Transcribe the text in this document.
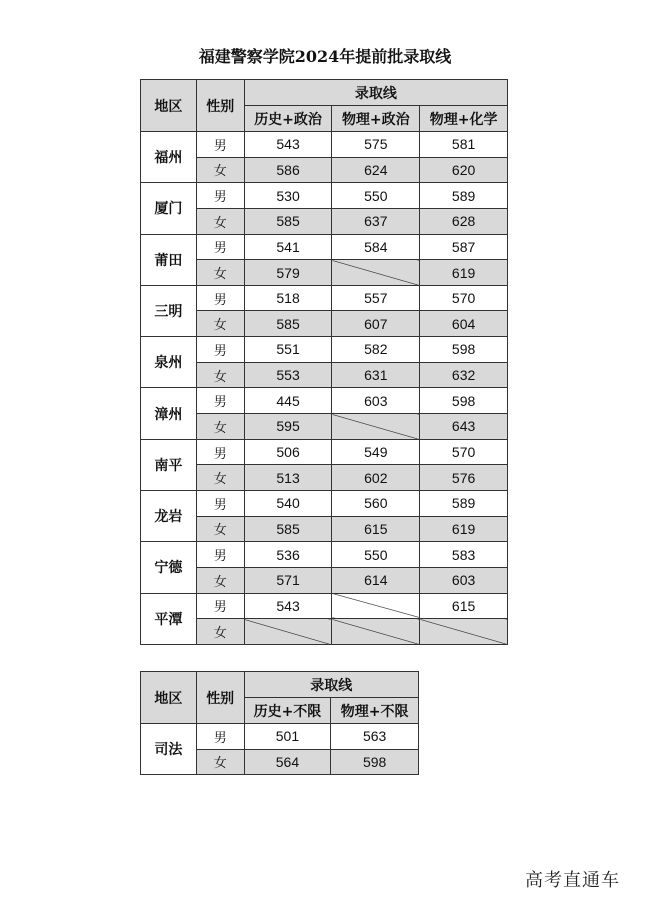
福建警察学院2024年提前批录取线
地区	性别	录取线		
		历史+政治	物理+政治	物理+化学
福州	男	543	575	581
	女	586	624	620
厦门	男	530	550	589
	女	585	637	628
莆田	男	541	584	587
	女	579		619
三明	男	518	557	570
	女	585	607	604
泉州	男	551	582	598
	女	553	631	632
漳州	男	445	603	598
	女	595		643
南平	男	506	549	570
	女	513	602	576
龙岩	男	540	560	589
	女	585	615	619
宁德	男	536	550	583
	女	571	614	603
平潭	男	543		615
	女			
地区	性别	录取线	
		历史+不限	物理+不限
司法	男	501	563
	女	564	598
高考直通车
